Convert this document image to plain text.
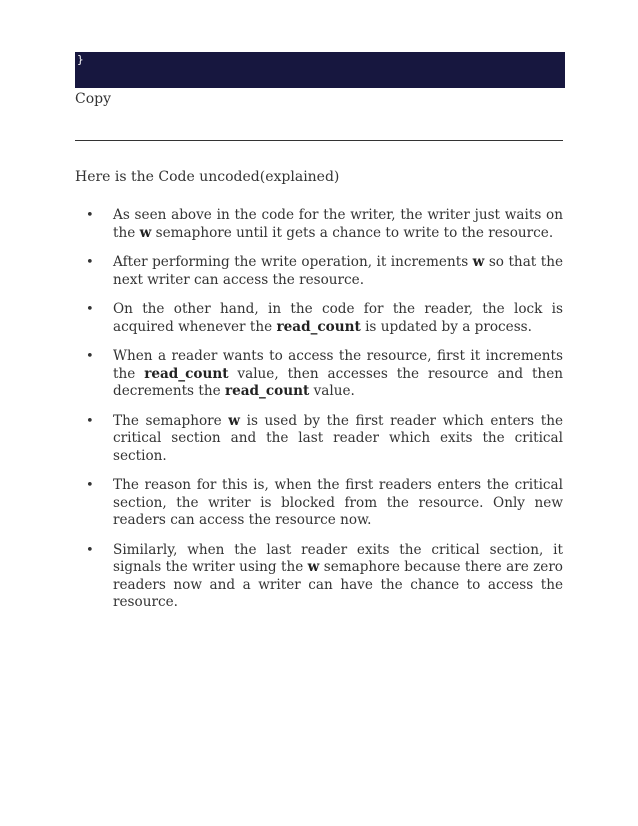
}
Copy

Here is the Code uncoded(explained)

• As seen above in the code for the writer, the writer just waits on the w semaphore until it gets a chance to write to the resource.
• After performing the write operation, it increments w so that the next writer can access the resource.
• On the other hand, in the code for the reader, the lock is acquired whenever the read_count is updated by a process.
• When a reader wants to access the resource, first it increments the read_count value, then accesses the resource and then decrements the read_count value.
• The semaphore w is used by the first reader which enters the critical section and the last reader which exits the critical section.
• The reason for this is, when the first readers enters the critical section, the writer is blocked from the resource. Only new readers can access the resource now.
• Similarly, when the last reader exits the critical section, it signals the writer using the w semaphore because there are zero readers now and a writer can have the chance to access the resource.
